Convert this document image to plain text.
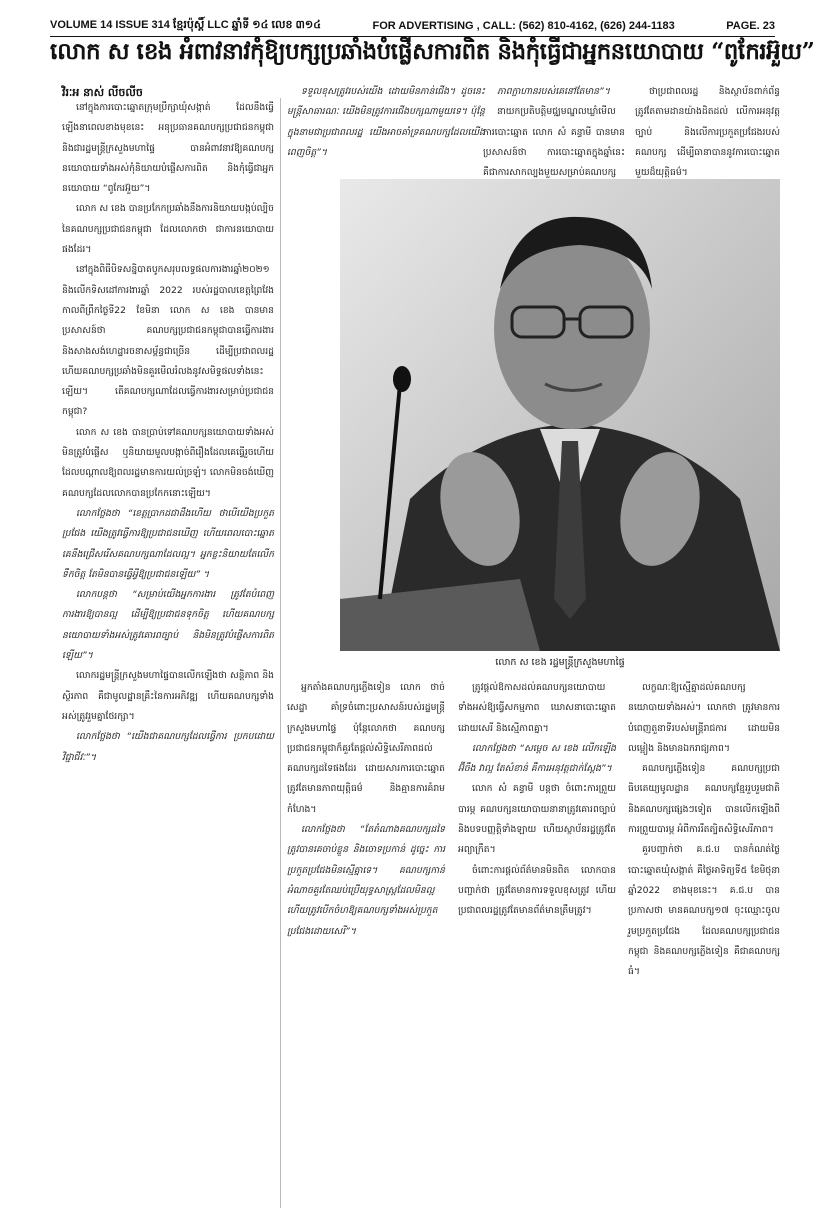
VOLUME 14 ISSUE 314 ខ្មែរប៉ុស្ដិ៍ LLC ឆ្នាំទី ១៤ លេខ ៣១៤	FOR ADVERTISING , CALL: (562) 810-4162, (626) 244-1183	PAGE. 23
លោក ស ខេង អំពាវនាវកុំឱ្យបក្សប្រឆាំងបំផ្លើសការពិត និងកុំធ្វើជាអ្នកនយោបាយ “ពូកែរអ៊ួយ”
វិរៈអ នាស់ លីចលីច

នៅក្នុងការបោះឆ្នោតក្រុមប្រឹក្សាឃុំសង្កាត់ ដែលនឹងធ្វើឡើងនាពេលខាងមុខនេះ អនុប្រធានគណបក្សប្រជាជនកម្ពុជា និងជារដ្ឋមន្ត្រីក្រសួងមហាផ្ទៃ បានអំពាវនាវឱ្យគណបក្សនយោបាយទាំងអស់កុំនិយាយបំផ្លើសការពិត និងកុំធ្វើជាអ្នកនយោបាយ “ពូកែរអ៊ួយ”។

លោក ស ខេង បានប្រកែកប្រឆាំងនឹងការនិយាយបង្កប់ល្បិចនៃគណបក្សប្រជាជនកម្ពុជា ដែលលោកថា ជាការនយោបាយ ផងដែរ។

នៅក្នុងពិធីបិទសន្និបាតបូកសរុបលទ្ធផលការងារឆ្នាំ២០២១ និងលើកទិសដៅការងារឆ្នាំ 2022 របស់រដ្ឋបាលខេត្តព្រៃវែង កាលពីព្រឹកថ្ងៃទី22 ខែមិនា លោក ស ខេង បានមានប្រសាសន៍ថា គណបក្សប្រជាជនកម្ពុជាបានធ្វើការងារ និងសាងសង់ហេដ្ឋារចនាសម្ព័ន្ធជាច្រើន ដើម្បីប្រជាពលរដ្ឋ ហើយគណបក្សប្រឆាំងមិនគួរមើលរំលងនូវសមិទ្ធផលទាំងនេះឡើយ។ តើគណបក្សណាដែលធ្វើការងារសម្រាប់ប្រជាជនកម្ពុជា?

លោក ស ខេង បានប្រាប់ទៅគណបក្សនយោបាយទាំងអស់មិនត្រូវបំផ្លើស ឬនិយាយមួលបង្កាច់ពីរឿងដែលគេធ្វើរួចហើយ ដែលបណ្ដាលឱ្យពលរដ្ឋមានការយល់ច្រឡំ។ លោកមិនចង់ឃើញគណបក្សដែលលោកបានប្រកែកនោះឡើយ។

លោកថ្លែងថា “ខេត្តប្រាកដជាដឹងហើយ ថាបើយើងប្រកួតប្រជែង យើងត្រូវធ្វើការឱ្យប្រជាជនឃើញ ហើយពេលបោះឆ្នោតគេនឹងជ្រើសរើសគណបក្សណាដែលល្អ។ អ្នកខ្លះនិយាយតែលើកទឹកចិត្ត តែមិនបានធ្វើអ្វីឱ្យប្រជាជនឡើយ” ។

លោកបន្តថា “សម្រាប់យើងអ្នកការងារ ត្រូវតែបំពេញការងារឱ្យបានល្អ ដើម្បីឱ្យប្រជាជនទុកចិត្ត ហើយគណបក្សនយោបាយទាំងអស់ត្រូវគោរពច្បាប់ និងមិនត្រូវបំផ្លើសការពិតឡើយ”។

លោករដ្ឋមន្ត្រីក្រសួងមហាផ្ទៃបានលើកឡើងថា សន្តិភាព និងស្ថិរភាព គឺជាមូលដ្ឋានគ្រឹះនៃការអភិវឌ្ឍ ហើយគណបក្សទាំងអស់ត្រូវរួមគ្នាថែរក្សា។

លោកថ្លែងថា “យើងជាគណបក្សដែលធ្វើការ ប្រកបដោយវិជ្ជាជីវៈ”។

ទទួលខុសត្រូវរបស់យើង ដោយមិនភាន់ជើង។ ដូចនេះ មន្ត្រីសាធារណៈ យើងមិនត្រូវការជើងបក្សណាមួយទេ។ ប៉ុន្តែក្នុងនាមជាប្រជាពលរដ្ឋ យើងអាចគាំទ្រគណបក្សដែលយើងពេញចិត្ត”។

ភាពក្លាហានរបស់គេនៅតែមាន”។

នាយកប្រតិបត្តិមជ្ឈមណ្ឌលឃ្លាំមើល ការបោះឆ្នោត លោក សំ គន្ធាមី បានមានប្រសាសន៍ថា ការបោះឆ្នោតក្នុងឆ្នាំនេះ គឺជាការសាកល្បងមួយសម្រាប់គណបក្ស

ថាប្រជាពលរដ្ឋ និងស្ថាប័នពាក់ព័ន្ធត្រូវតែតាមដានយ៉ាងដិតដល់ លើការអនុវត្តច្បាប់ និងលើការប្រកួតប្រជែងរបស់គណបក្ស ដើម្បីធានាបាននូវការបោះឆ្នោតមួយដ៏យុត្តិធម៌។

អ្នកតាំងគណបក្សភ្លើងទៀន លោក ថាច់ សេដ្ឋា គាំទ្រចំពោះប្រសាសន៍របស់រដ្ឋមន្ត្រីក្រសួងមហាផ្ទៃ ប៉ុន្តែលោកថា គណបក្សប្រជាជនកម្ពុជាក៏គួរតែផ្ដល់សិទ្ធិសេរីភាពដល់គណបក្សដទៃផងដែរ ដោយសារការបោះឆ្នោតត្រូវតែមានភាពយុត្តិធម៌ និងគ្មានការគំរាមកំហែង។

លោកថ្លែងថា “តែតំណាងគណបក្សដទៃ ត្រូវបានគេចាប់ខ្លួន និងចោទប្រកាន់ ដូច្នេះ ការប្រកួតប្រជែងមិនស្មើគ្នាទេ។ គណបក្សកាន់អំណាចគួរតែឈប់ប្រើយុទ្ធសាស្ត្រដែលមិនល្អ ហើយត្រូវបើកចំហឱ្យគណបក្សទាំងអស់ប្រកួតប្រជែងដោយសេរី”។

ត្រូវផ្ដល់ឱកាសដល់គណបក្សនយោបាយទាំងអស់ឱ្យធ្វើសកម្មភាព ឃោសនាបោះឆ្នោតដោយសេរី និងស្មើភាពគ្នា។

លោកថ្លែងថា “សម្ដេច ស ខេង លើកឡើងអ៊ីចឹង វាល្អ តែសំខាន់ គឺការអនុវត្តជាក់ស្ដែង”។

លោក សំ គន្ធាមី បន្តថា ចំពោះការព្រួយបារម្ភ គណបក្សនយោបាយនានាត្រូវគោរពច្បាប់ និងបទបញ្ញត្តិទាំងឡាយ ហើយស្ថាប័នរដ្ឋត្រូវតែអព្យាក្រឹត។

ចំពោះការផ្ដល់ព័ត៌មានមិនពិត លោកបានបញ្ជាក់ថា ត្រូវតែមានការទទួលខុសត្រូវ ហើយប្រជាពលរដ្ឋត្រូវតែមានព័ត៌មានត្រឹមត្រូវ។

លក្ខណៈឱ្យស្មើគ្នាដល់គណបក្សនយោបាយទាំងអស់។ លោកថា ត្រូវមានការបំពេញតួនាទីរបស់មន្ត្រីរាជការ ដោយមិនលម្អៀង និងមានឯករាជ្យភាព។

គណបក្សភ្លើងទៀន គណបក្សប្រជាធិបតេយ្យមូលដ្ឋាន គណបក្សខ្មែររួបរួមជាតិ និងគណបក្សផ្សេងៗទៀត បានលើកឡើងពីការព្រួយបារម្ភ អំពីការរឹតត្បិតសិទ្ធិសេរីភាព។

គួរបញ្ជាក់ថា គ.ជ.ប បានកំណត់ថ្ងៃបោះឆ្នោតឃុំសង្កាត់ គឺថ្ងៃអាទិត្យទី៥ ខែមិថុនា ឆ្នាំ2022 ខាងមុខនេះ។ គ.ជ.ប បានប្រកាសថា មានគណបក្ស១៧ ចុះឈ្មោះចូលរួមប្រកួតប្រជែង ដែលគណបក្សប្រជាជនកម្ពុជា និងគណបក្សភ្លើងទៀន គឺជាគណបក្សធំ។

លោក ស ខេង រដ្ឋមន្ត្រីក្រសួងមហាផ្ទៃ
